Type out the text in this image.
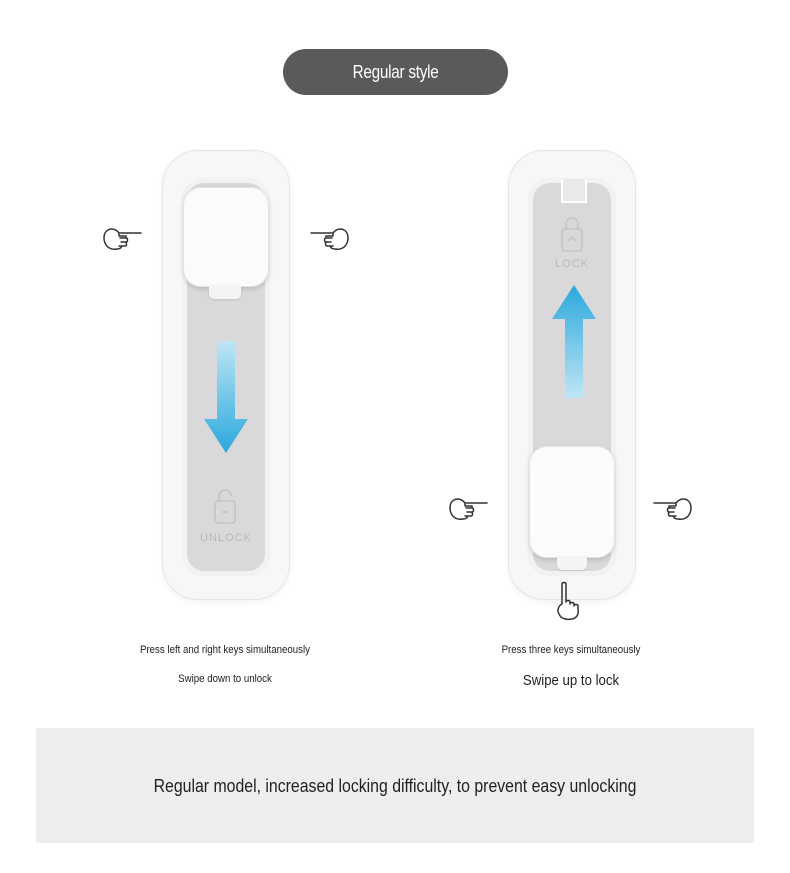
Regular style
UNLOCK
LOCK
Press left and right keys simultaneously
Swipe down to unlock
Press three keys simultaneously
Swipe up to lock
Regular model, increased locking difficulty, to prevent easy unlocking
